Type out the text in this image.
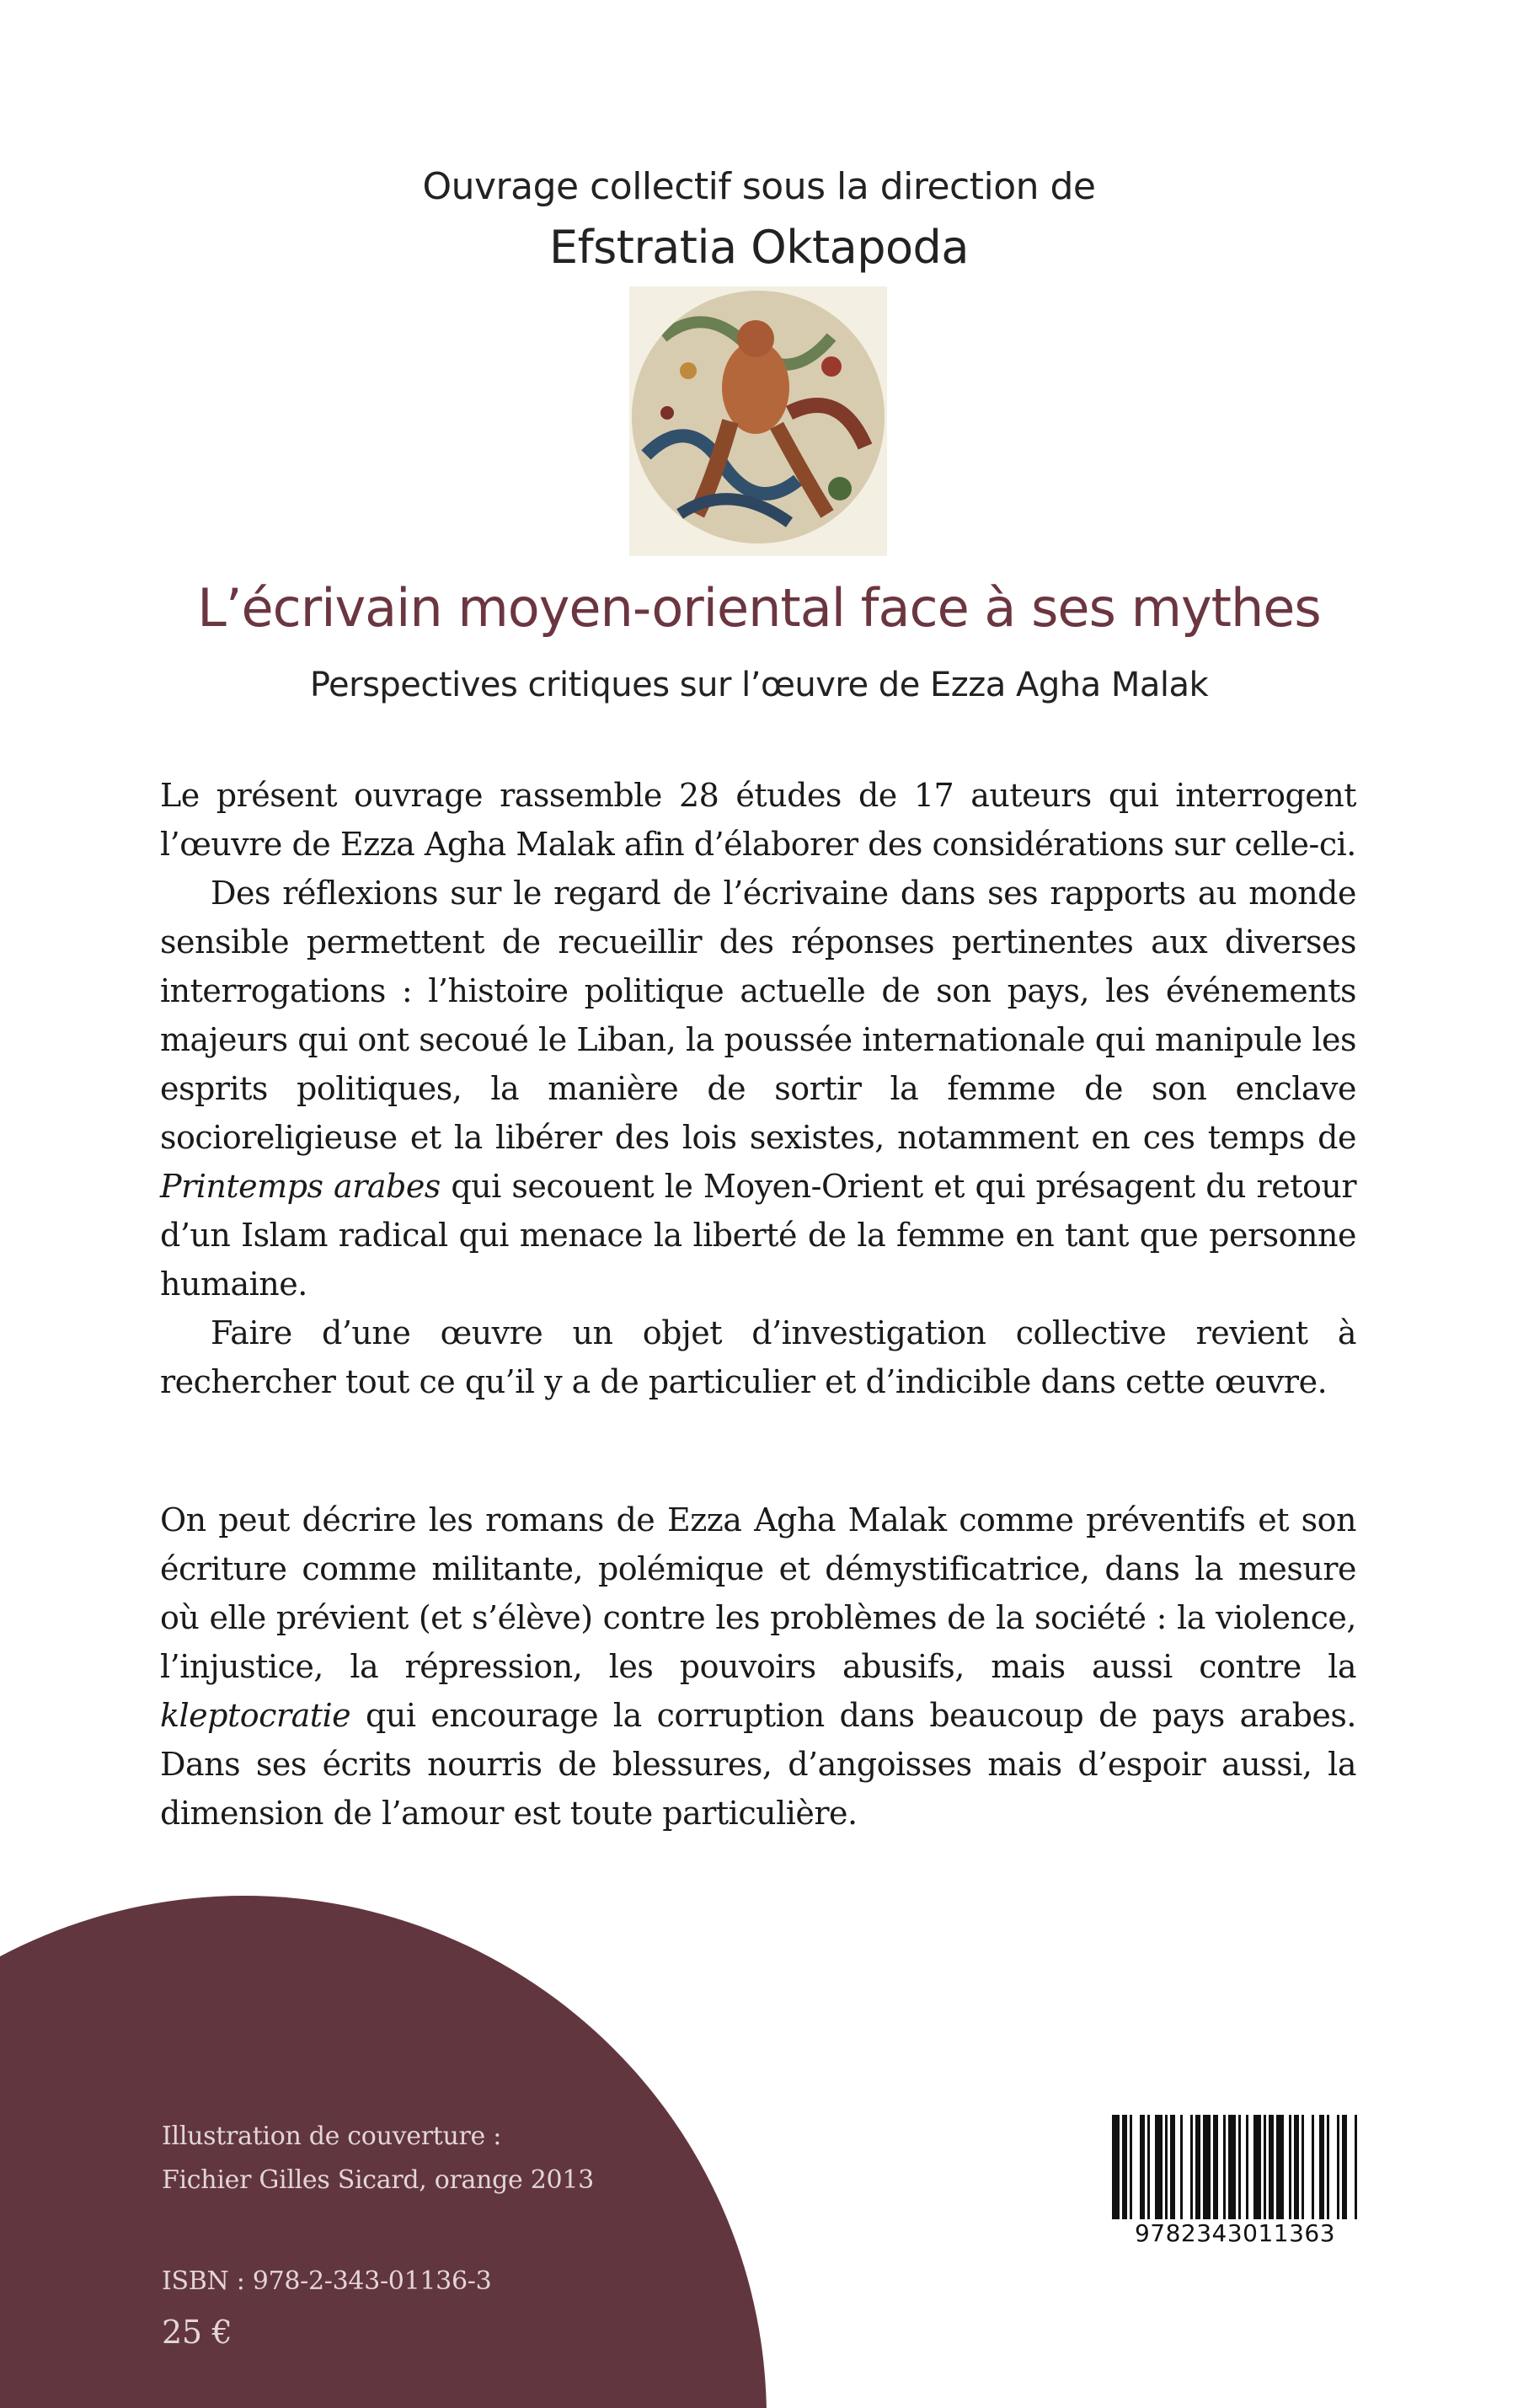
Ouvrage collectif sous la direction de
Efstratia Oktapoda
L’écrivain moyen-oriental face à ses mythes
Perspectives critiques sur l’œuvre de Ezza Agha Malak

Le présent ouvrage rassemble 28 études de 17 auteurs qui interrogent l’œuvre de Ezza Agha Malak afin d’élaborer des considérations sur celle-ci.

Des réflexions sur le regard de l’écrivaine dans ses rapports au monde sensible permettent de recueillir des réponses pertinentes aux diverses interrogations : l’histoire politique actuelle de son pays, les événements majeurs qui ont secoué le Liban, la poussée internationale qui manipule les esprits politiques, la manière de sortir la femme de son enclave socioreligieuse et la libérer des lois sexistes, notamment en ces temps de Printemps arabes qui secouent le Moyen-Orient et qui présagent du retour d’un Islam radical qui menace la liberté de la femme en tant que personne humaine.

Faire d’une œuvre un objet d’investigation collective revient à rechercher tout ce qu’il y a de particulier et d’indicible dans cette œuvre.

On peut décrire les romans de Ezza Agha Malak comme préventifs et son écriture comme militante, polémique et démystificatrice, dans la mesure où elle prévient (et s’élève) contre les problèmes de la société : la violence, l’injustice, la répression, les pouvoirs abusifs, mais aussi contre la kleptocratie qui encourage la corruption dans beaucoup de pays arabes. Dans ses écrits nourris de blessures, d’angoisses mais d’espoir aussi, la dimension de l’amour est toute particulière.

Illustration de couverture :
Fichier Gilles Sicard, orange 2013
ISBN : 978-2-343-01136-3
25 €
9782343011363
